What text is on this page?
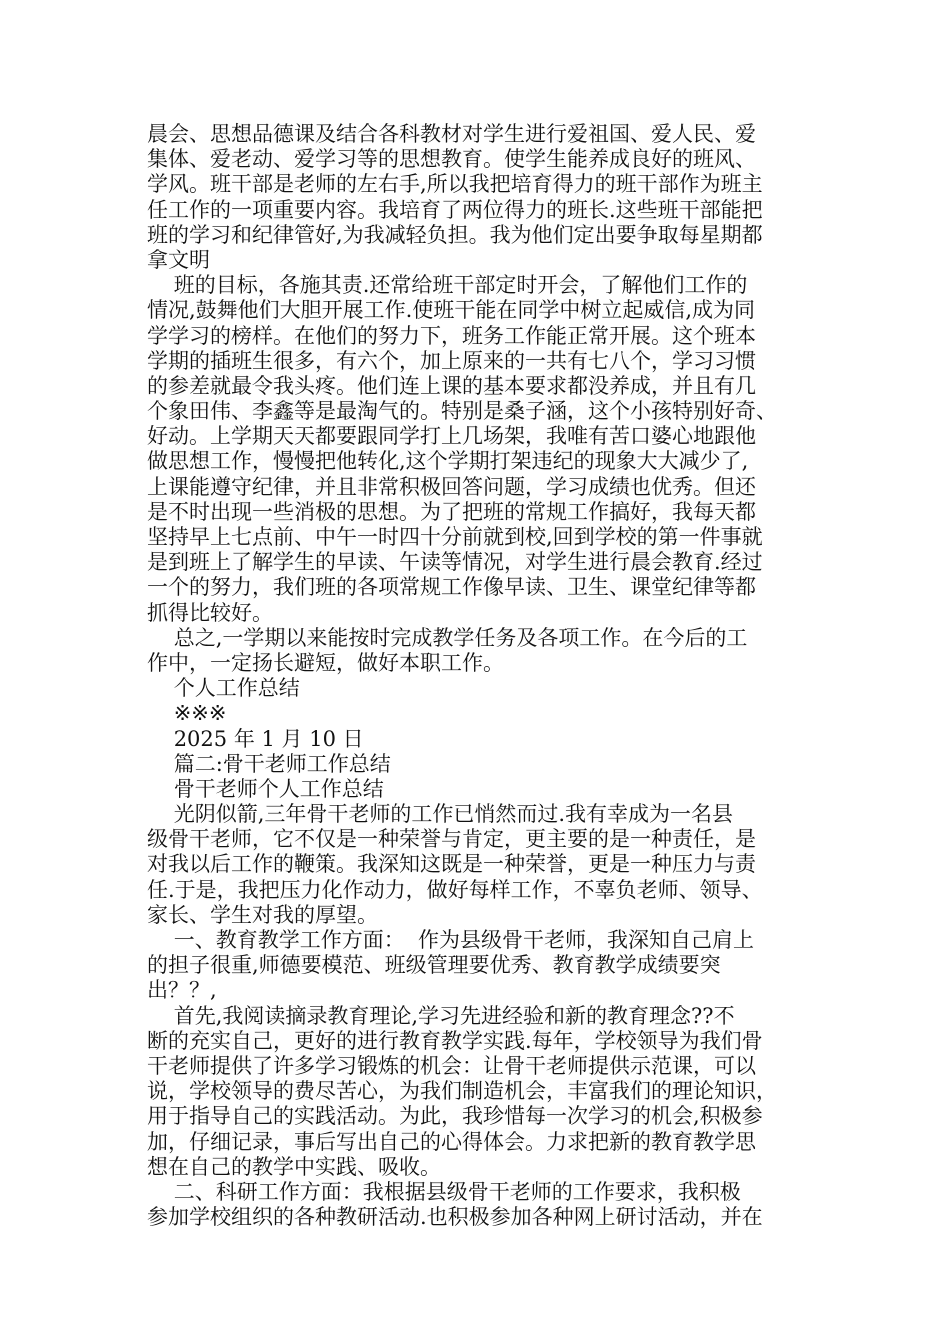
晨会、思想品德课及结合各科教材对学生进行爱祖国、爱人民、爱
集体、爱老动、爱学习等的思想教育。使学生能养成良好的班风、
学风。班干部是老师的左右手,所以我把培育得力的班干部作为班主
任工作的一项重要内容。我培育了两位得力的班长.这些班干部能把
班的学习和纪律管好,为我减轻负担。我为他们定出要争取每星期都
拿文明
班的目标，各施其责.还常给班干部定时开会，了解他们工作的
情况,鼓舞他们大胆开展工作.使班干能在同学中树立起威信,成为同
学学习的榜样。在他们的努力下，班务工作能正常开展。这个班本
学期的插班生很多，有六个，加上原来的一共有七八个，学习习惯
的参差就最令我头疼。他们连上课的基本要求都没养成，并且有几
个象田伟、李鑫等是最淘气的。特别是桑子涵，这个小孩特别好奇、
好动。上学期天天都要跟同学打上几场架，我唯有苦口婆心地跟他
做思想工作，慢慢把他转化,这个学期打架违纪的现象大大减少了,
上课能遵守纪律，并且非常积极回答问题，学习成绩也优秀。但还
是不时出现一些消极的思想。为了把班的常规工作搞好，我每天都
坚持早上七点前、中午一时四十分前就到校,回到学校的第一件事就
是到班上了解学生的早读、午读等情况，对学生进行晨会教育.经过
一个的努力，我们班的各项常规工作像早读、卫生、课堂纪律等都
抓得比较好。
总之,一学期以来能按时完成教学任务及各项工作。在今后的工
作中，一定扬长避短，做好本职工作。
个人工作总结
※※※
2025 年 1 月 10 日
篇二:骨干老师工作总结
骨干老师个人工作总结
光阴似箭,三年骨干老师的工作已悄然而过.我有幸成为一名县
级骨干老师，它不仅是一种荣誉与肯定，更主要的是一种责任，是
对我以后工作的鞭策。我深知这既是一种荣誉，更是一种压力与责
任.于是，我把压力化作动力，做好每样工作，不辜负老师、领导、
家长、学生对我的厚望。
一、教育教学工作方面：  作为县级骨干老师，我深知自己肩上
的担子很重,师德要模范、班级管理要优秀、教育教学成绩要突
出？？,
首先,我阅读摘录教育理论,学习先进经验和新的教育理念??不
断的充实自己，更好的进行教育教学实践.每年，学校领导为我们骨
干老师提供了许多学习锻炼的机会：让骨干老师提供示范课，可以
说，学校领导的费尽苦心，为我们制造机会，丰富我们的理论知识，
用于指导自己的实践活动。为此，我珍惜每一次学习的机会,积极参
加，仔细记录，事后写出自己的心得体会。力求把新的教育教学思
想在自己的教学中实践、吸收。
二、科研工作方面：我根据县级骨干老师的工作要求，我积极
参加学校组织的各种教研活动.也积极参加各种网上研讨活动，并在
